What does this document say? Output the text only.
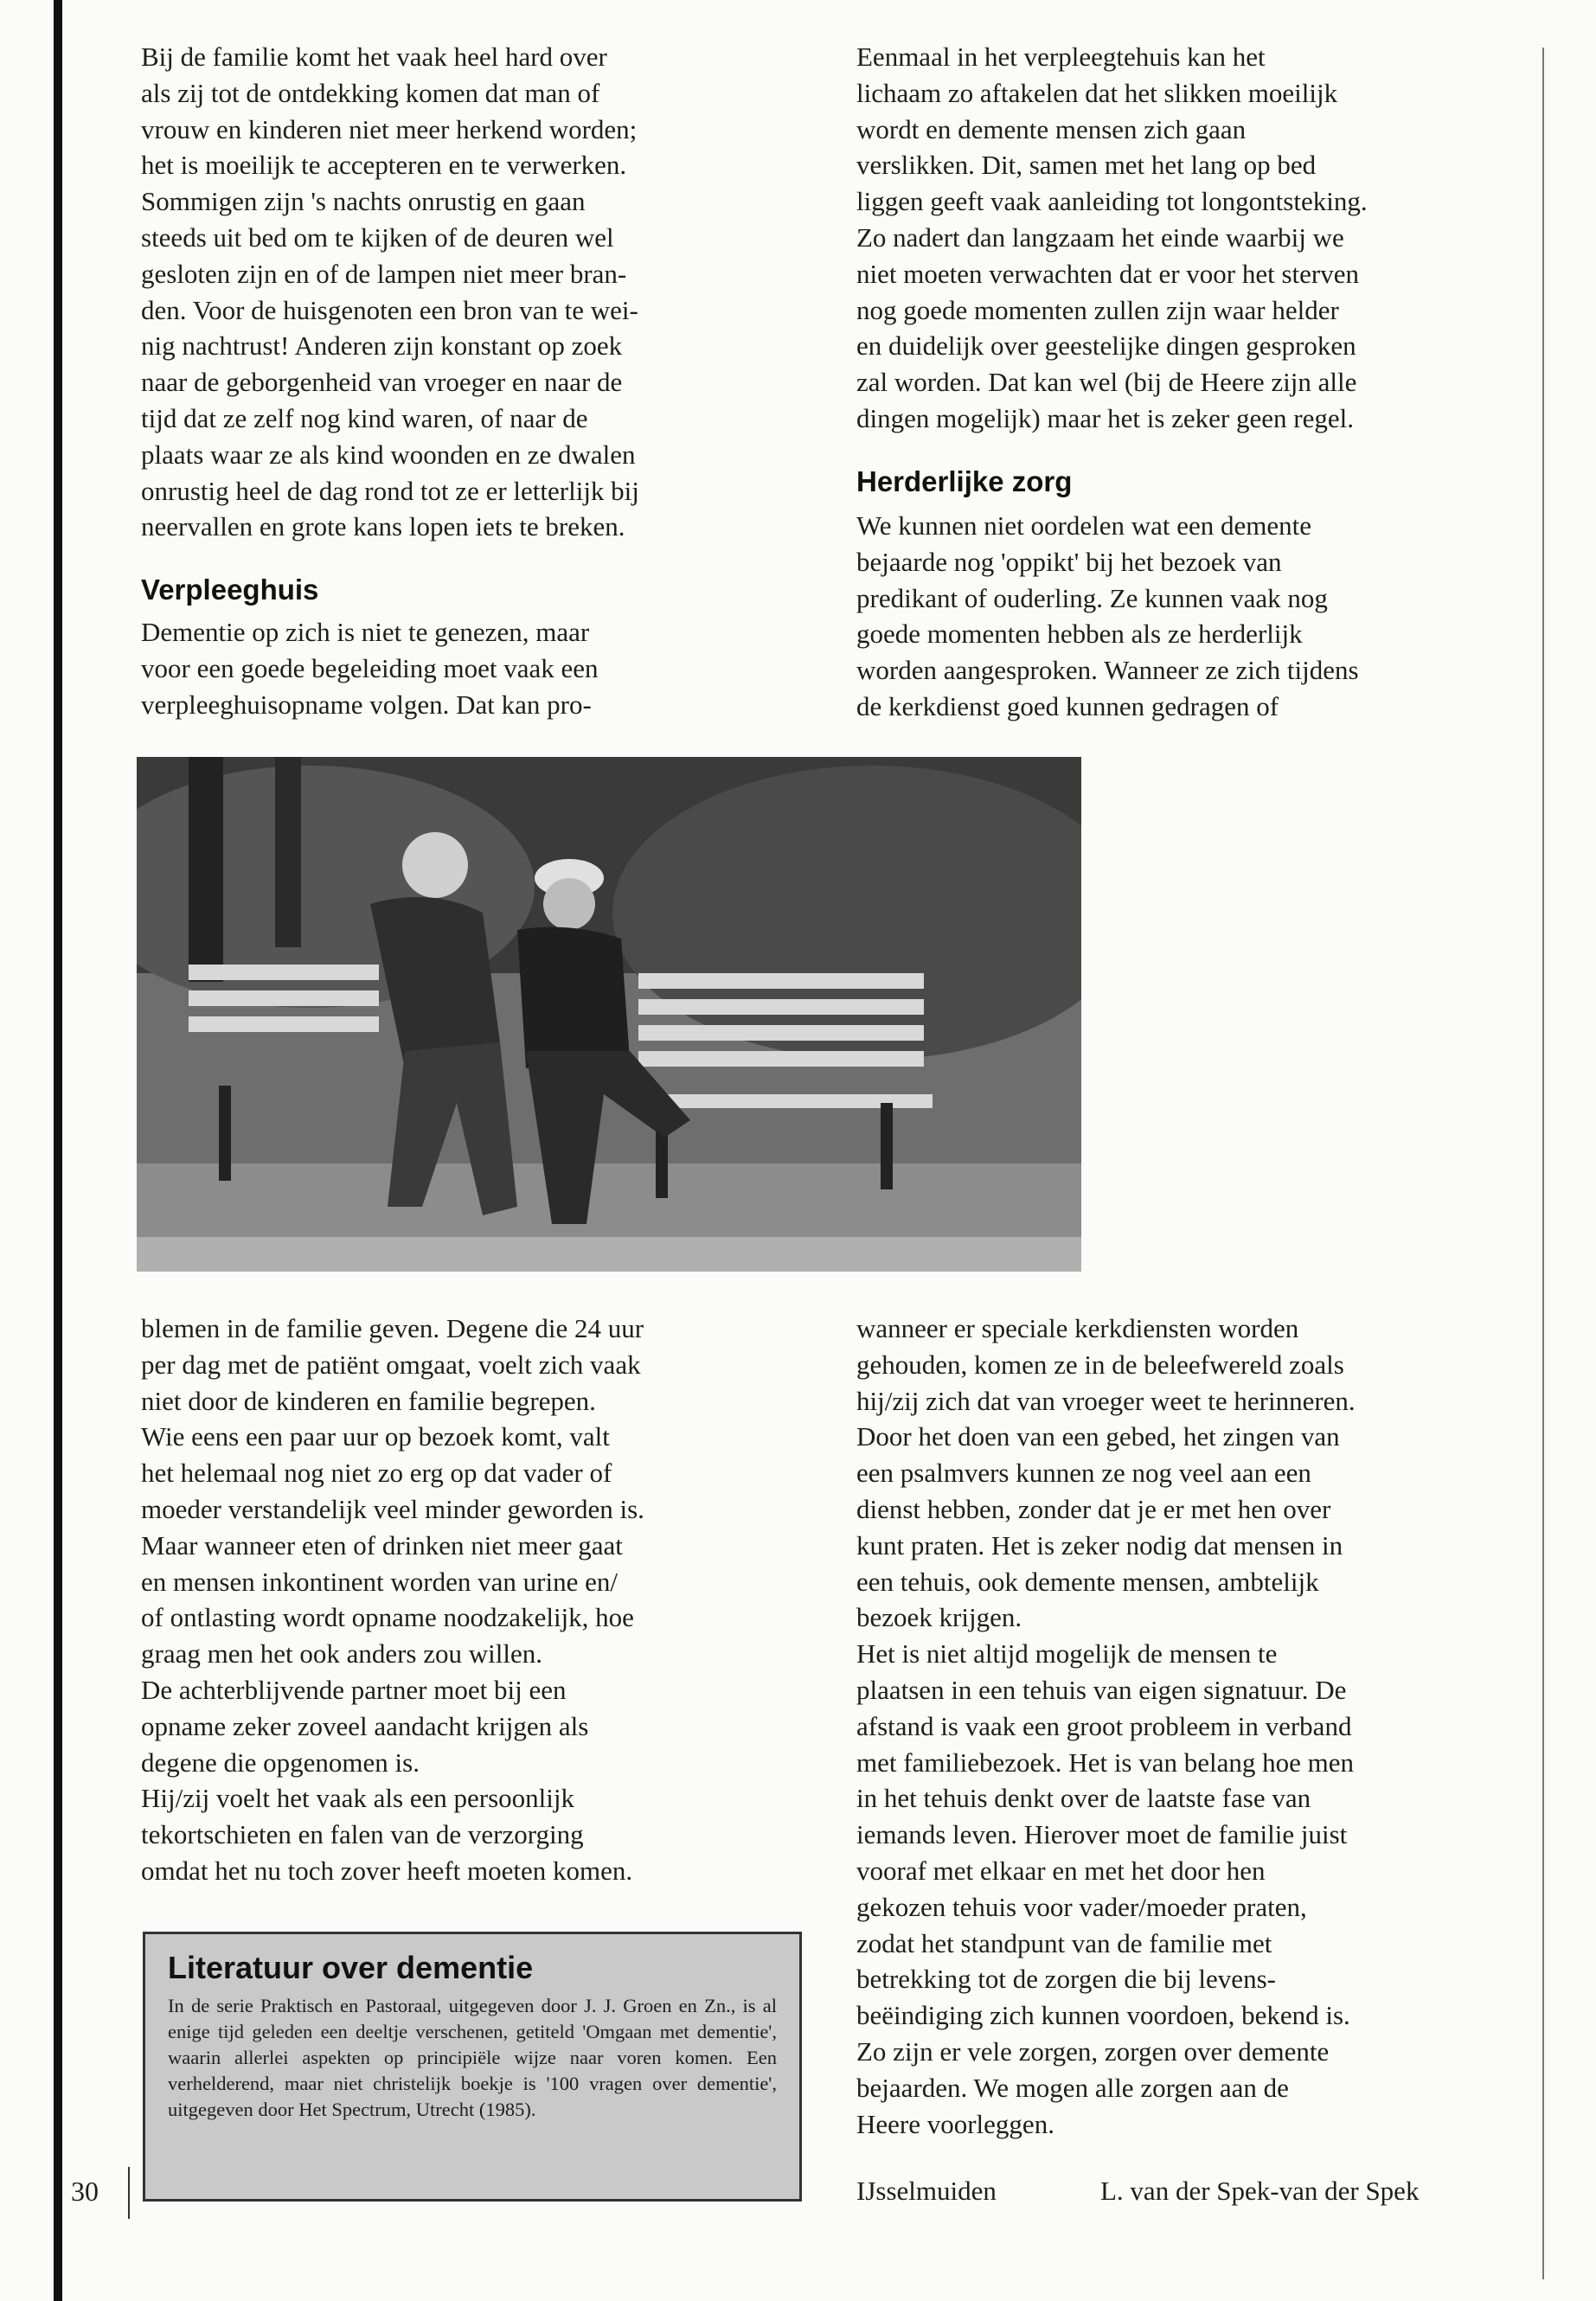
Bij de familie komt het vaak heel hard over
als zij tot de ontdekking komen dat man of
vrouw en kinderen niet meer herkend worden;
het is moeilijk te accepteren en te verwerken.
Sommigen zijn 's nachts onrustig en gaan
steeds uit bed om te kijken of de deuren wel
gesloten zijn en of de lampen niet meer bran-
den. Voor de huisgenoten een bron van te wei-
nig nachtrust! Anderen zijn konstant op zoek
naar de geborgenheid van vroeger en naar de
tijd dat ze zelf nog kind waren, of naar de
plaats waar ze als kind woonden en ze dwalen
onrustig heel de dag rond tot ze er letterlijk bij
neervallen en grote kans lopen iets te breken.
Verpleeghuis
Dementie op zich is niet te genezen, maar
voor een goede begeleiding moet vaak een
verpleeghuisopname volgen. Dat kan pro-
Eenmaal in het verpleegtehuis kan het
lichaam zo aftakelen dat het slikken moeilijk
wordt en demente mensen zich gaan
verslikken. Dit, samen met het lang op bed
liggen geeft vaak aanleiding tot longontsteking.
Zo nadert dan langzaam het einde waarbij we
niet moeten verwachten dat er voor het sterven
nog goede momenten zullen zijn waar helder
en duidelijk over geestelijke dingen gesproken
zal worden. Dat kan wel (bij de Heere zijn alle
dingen mogelijk) maar het is zeker geen regel.
Herderlijke zorg
We kunnen niet oordelen wat een demente
bejaarde nog 'oppikt' bij het bezoek van
predikant of ouderling. Ze kunnen vaak nog
goede momenten hebben als ze herderlijk
worden aangesproken. Wanneer ze zich tijdens
de kerkdienst goed kunnen gedragen of
blemen in de familie geven. Degene die 24 uur
per dag met de patiënt omgaat, voelt zich vaak
niet door de kinderen en familie begrepen.
Wie eens een paar uur op bezoek komt, valt
het helemaal nog niet zo erg op dat vader of
moeder verstandelijk veel minder geworden is.
Maar wanneer eten of drinken niet meer gaat
en mensen inkontinent worden van urine en/
of ontlasting wordt opname noodzakelijk, hoe
graag men het ook anders zou willen.
De achterblijvende partner moet bij een
opname zeker zoveel aandacht krijgen als
degene die opgenomen is.
Hij/zij voelt het vaak als een persoonlijk
tekortschieten en falen van de verzorging
omdat het nu toch zover heeft moeten komen.
wanneer er speciale kerkdiensten worden
gehouden, komen ze in de beleefwereld zoals
hij/zij zich dat van vroeger weet te herinneren.
Door het doen van een gebed, het zingen van
een psalmvers kunnen ze nog veel aan een
dienst hebben, zonder dat je er met hen over
kunt praten. Het is zeker nodig dat mensen in
een tehuis, ook demente mensen, ambtelijk
bezoek krijgen.
Het is niet altijd mogelijk de mensen te
plaatsen in een tehuis van eigen signatuur. De
afstand is vaak een groot probleem in verband
met familiebezoek. Het is van belang hoe men
in het tehuis denkt over de laatste fase van
iemands leven. Hierover moet de familie juist
vooraf met elkaar en met het door hen
gekozen tehuis voor vader/moeder praten,
zodat het standpunt van de familie met
betrekking tot de zorgen die bij levens-
beëindiging zich kunnen voordoen, bekend is.
Zo zijn er vele zorgen, zorgen over demente
bejaarden. We mogen alle zorgen aan de
Heere voorleggen.
Literatuur over dementie
In de serie Praktisch en Pastoraal, uitgegeven door J. J. Groen en Zn., is al enige tijd geleden een deeltje verschenen, getiteld 'Omgaan met dementie', waarin allerlei aspekten op principiële wijze naar voren komen. Een verhelderend, maar niet christelijk boekje is '100 vragen over dementie', uitgegeven door Het Spectrum, Utrecht (1985).
30	IJsselmuiden	L. van der Spek-van der Spek
